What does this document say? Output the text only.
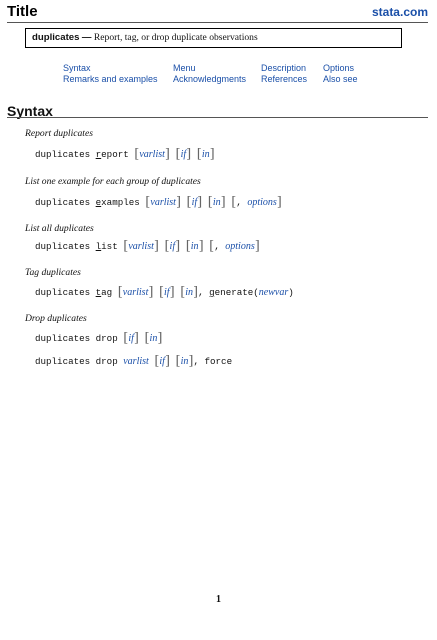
Title	stata.com
duplicates — Report, tag, or drop duplicate observations
Syntax
Remarks and examples
Menu
Acknowledgments
Description
References
Options
Also see
Syntax
Report duplicates
duplicates report [varlist] [if] [in]
List one example for each group of duplicates
duplicates examples [varlist] [if] [in] [, options]
List all duplicates
duplicates list [varlist] [if] [in] [, options]
Tag duplicates
duplicates tag [varlist] [if] [in], generate(newvar)
Drop duplicates
duplicates drop [if] [in]
duplicates drop varlist [if] [in], force
1
